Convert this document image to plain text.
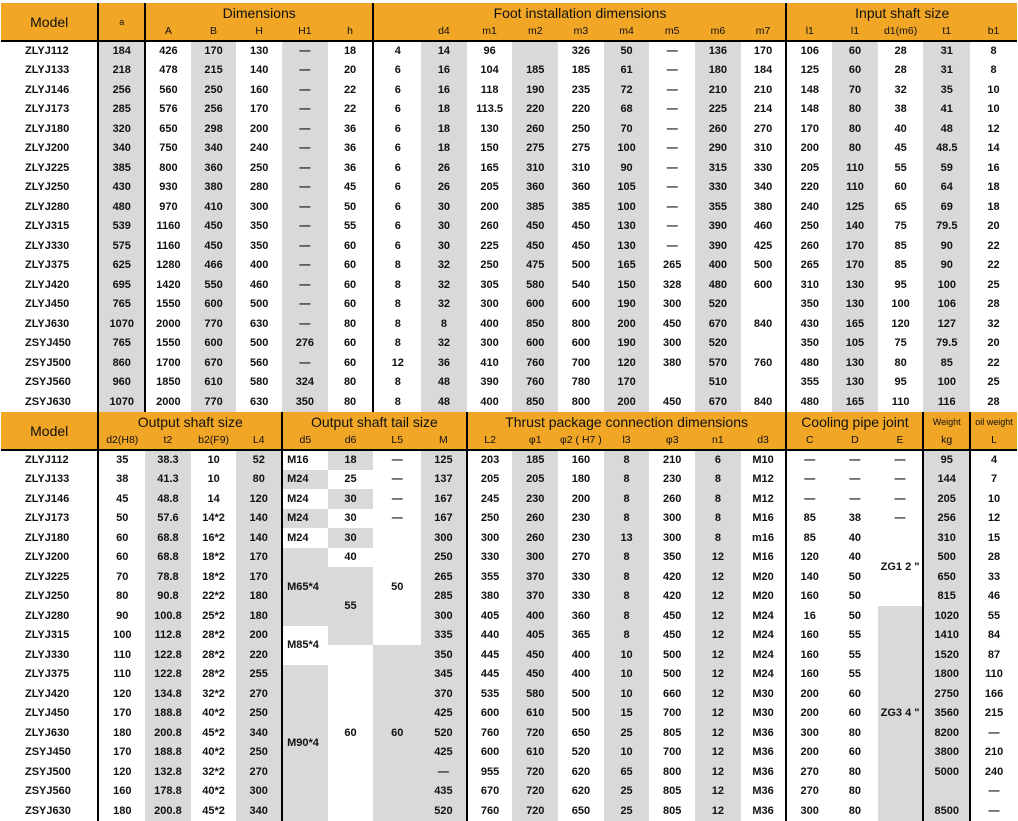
Model	a	Dimensions					Foot installation dimensions									Input shaft size				
		A	B	H	H1	h		d4	m1	m2	m3	m4	m5	m6	m7	l1	l1	d1(m6)	t1	b1
ZLYJ112	184	426	170	130	—	18	4	14	96		326	50	—	136	170	106	60	28	31	8
ZLYJ133	218	478	215	140	—	20	6	16	104	185	185	61	—	180	184	125	60	28	31	8
ZLYJ146	256	560	250	160	—	22	6	16	118	190	235	72	—	210	210	148	70	32	35	10
ZLYJ173	285	576	256	170	—	22	6	18	113.5	220	220	68	—	225	214	148	80	38	41	10
ZLYJ180	320	650	298	200	—	36	6	18	130	260	250	70	—	260	270	170	80	40	48	12
ZLYJ200	340	750	340	240	—	36	6	18	150	275	275	100	—	290	310	200	80	45	48.5	14
ZLYJ225	385	800	360	250	—	36	6	26	165	310	310	90	—	315	330	205	110	55	59	16
ZLYJ250	430	930	380	280	—	45	6	26	205	360	360	105	—	330	340	220	110	60	64	18
ZLYJ280	480	970	410	300	—	50	6	30	200	385	385	100	—	355	380	240	125	65	69	18
ZLYJ315	539	1160	450	350	—	55	6	30	260	450	450	130	—	390	460	250	140	75	79.5	20
ZLYJ330	575	1160	450	350	—	60	6	30	225	450	450	130	—	390	425	260	170	85	90	22
ZLYJ375	625	1280	466	400	—	60	8	32	250	475	500	165	265	400	500	265	170	85	90	22
ZLYJ420	695	1420	550	460	—	60	8	32	305	580	540	150	328	480	600	310	130	95	100	25
ZLYJ450	765	1550	600	500	—	60	8	32	300	600	600	190	300	520		350	130	100	106	28
ZLYJ630	1070	2000	770	630	—	80	8	8	400	850	800	200	450	670	840	430	165	120	127	32
ZSYJ450	765	1550	600	500	276	60	8	32	300	600	600	190	300	520		350	105	75	79.5	20
ZSYJ500	860	1700	670	560	—	60	12	36	410	760	700	120	380	570	760	480	130	80	85	22
ZSYJ560	960	1850	610	580	324	80	8	48	390	760	780	170		510		355	130	95	100	25
ZSYJ630	1070	2000	770	630	350	80	8	48	400	850	800	200	450	670	840	480	165	110	116	28
Model	Output shaft size				Output shaft tail size				Thrust package connection dimensions							Cooling pipe joint			Weight	oil weight
	d2(H8)	t2	b2(F9)	L4	d5	d6	L5	M	L2	φ1	φ2 ( H7 )	l3	φ3	n1	d3	C	D	E	kg	L
ZLYJ112	35	38.3	10	52	M16	18	—	125	203	185	160	8	210	6	M10	—	—	—	95	4
ZLYJ133	38	41.3	10	80	M24	25	—	137	205	205	180	8	230	8	M12	—	—	—	144	7
ZLYJ146	45	48.8	14	120	M24	30	—	167	245	230	200	8	260	8	M12	—	—	—	205	10
ZLYJ173	50	57.6	14*2	140	M24	30	—	167	250	260	230	8	300	8	M16	85	38	—	256	12
ZLYJ180	60	68.8	16*2	140	M24	30	50	300	300	260	230	13	300	8	m16	85	40	ZG1 2 "	310	15
ZLYJ200	60	68.8	18*2	170	M65*4	40		250	330	300	270	8	350	12	M16	120	40		500	28
ZLYJ225	70	78.8	18*2	170		55		265	355	370	330	8	420	12	M20	140	50		650	33
ZLYJ250	80	90.8	22*2	180				285	380	370	330	8	420	12	M20	160	50		815	46
ZLYJ280	90	100.8	25*2	180				300	405	400	360	8	450	12	M24	16	50	ZG3 4 "	1020	55
ZLYJ315	100	112.8	28*2	200	M85*4			335	440	405	365	8	450	12	M24	160	55		1410	84
ZLYJ330	110	122.8	28*2	220		60	60	350	445	450	400	10	500	12	M24	160	55		1520	87
ZLYJ375	110	122.8	28*2	255	M90*4			345	445	450	400	10	500	12	M24	160	55		1800	110
ZLYJ420	120	134.8	32*2	270				370	535	580	500	10	660	12	M30	200	60		2750	166
ZLYJ450	170	188.8	40*2	250				425	600	610	500	15	700	12	M30	200	60		3560	215
ZLYJ630	180	200.8	45*2	340				520	760	720	650	25	805	12	M36	300	80		8200	—
ZSYJ450	170	188.8	40*2	250				425	600	610	520	10	700	12	M36	200	60		3800	210
ZSYJ500	120	132.8	32*2	270				—	955	720	620	65	800	12	M36	270	80		5000	240
ZSYJ560	160	178.8	40*2	300				435	670	720	620	25	805	12	M36	270	80			—
ZSYJ630	180	200.8	45*2	340				520	760	720	650	25	805	12	M36	300	80		8500	—
